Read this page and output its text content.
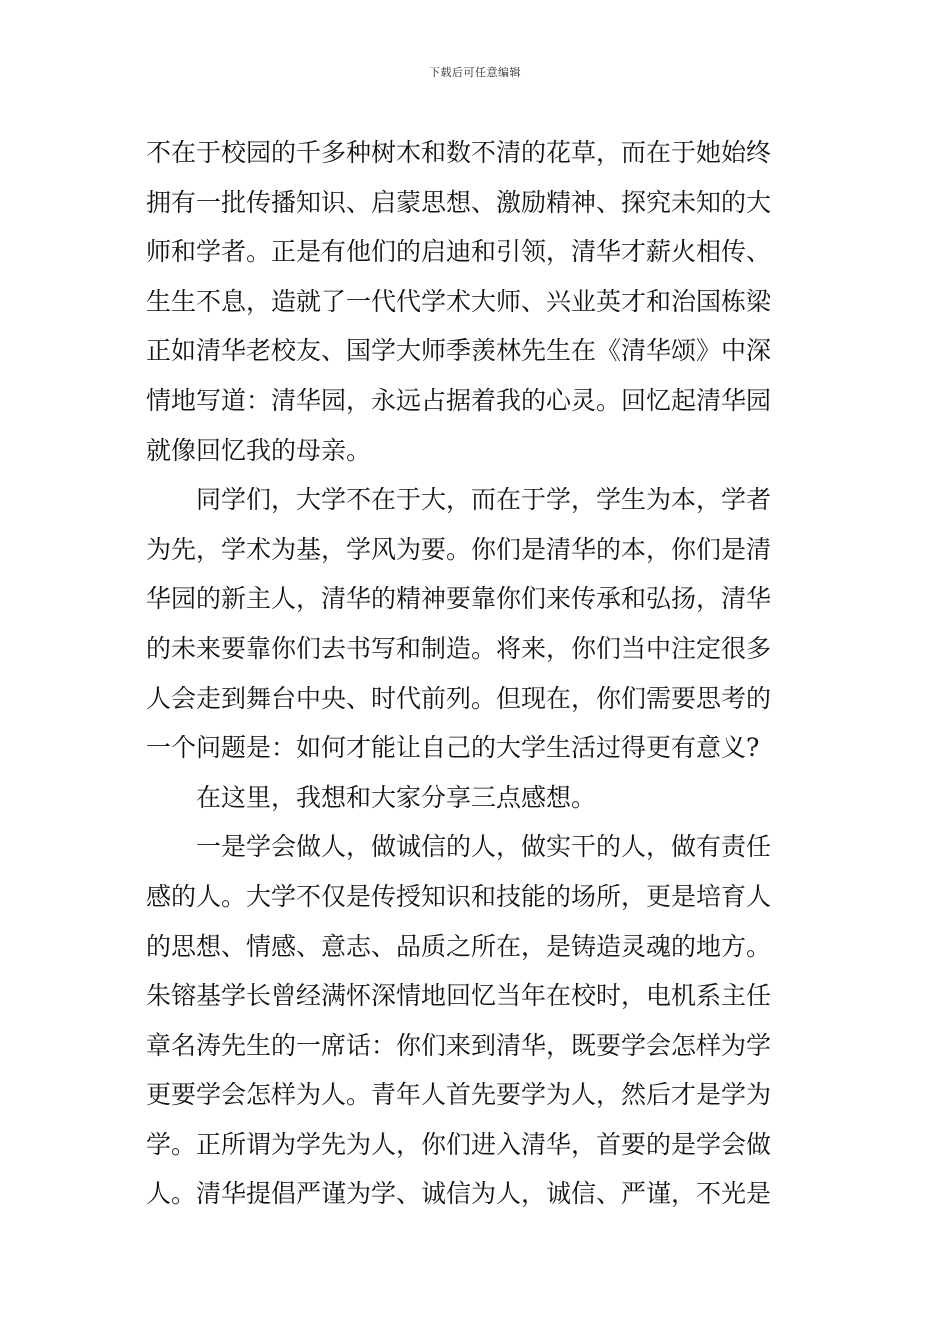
下载后可任意编辑
不在于校园的千多种树木和数不清的花草，而在于她始终
拥有一批传播知识、启蒙思想、激励精神、探究未知的大
师和学者。正是有他们的启迪和引领，清华才薪火相传、
生生不息，造就了一代代学术大师、兴业英才和治国栋梁
正如清华老校友、国学大师季羡林先生在《清华颂》中深
情地写道：清华园，永远占据着我的心灵。回忆起清华园
就像回忆我的母亲。
同学们，大学不在于大，而在于学，学生为本，学者
为先，学术为基，学风为要。你们是清华的本，你们是清
华园的新主人，清华的精神要靠你们来传承和弘扬，清华
的未来要靠你们去书写和制造。将来，你们当中注定很多
人会走到舞台中央、时代前列。但现在，你们需要思考的
一个问题是：如何才能让自己的大学生活过得更有意义?
在这里，我想和大家分享三点感想。
一是学会做人，做诚信的人，做实干的人，做有责任
感的人。大学不仅是传授知识和技能的场所，更是培育人
的思想、情感、意志、品质之所在，是铸造灵魂的地方。
朱镕基学长曾经满怀深情地回忆当年在校时，电机系主任
章名涛先生的一席话：你们来到清华，既要学会怎样为学
更要学会怎样为人。青年人首先要学为人，然后才是学为
学。正所谓为学先为人，你们进入清华，首要的是学会做
人。清华提倡严谨为学、诚信为人，诚信、严谨，不光是
